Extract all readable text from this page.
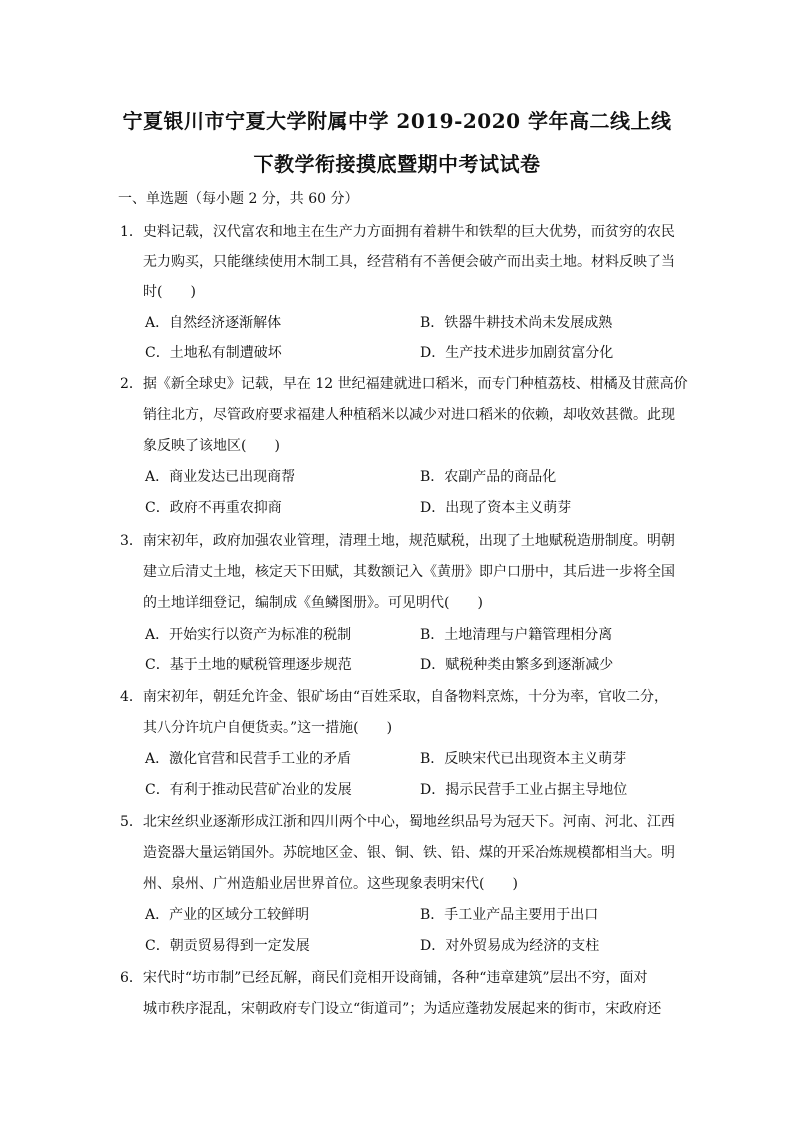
宁夏银川市宁夏大学附属中学 2019-2020 学年高二线上线
下教学衔接摸底暨期中考试试卷
一、单选题（每小题 2 分，共 60 分）
1．史料记载，汉代富农和地主在生产力方面拥有着耕牛和铁犁的巨大优势，而贫穷的农民
无力购买，只能继续使用木制工具，经营稍有不善便会破产而出卖土地。材料反映了当
时(　　)
A．自然经济逐渐解体	B．铁器牛耕技术尚未发展成熟
C．土地私有制遭破坏	D．生产技术进步加剧贫富分化
2．据《新全球史》记载，早在 12 世纪福建就进口稻米，而专门种植荔枝、柑橘及甘蔗高价
销往北方，尽管政府要求福建人种植稻米以减少对进口稻米的依赖，却收效甚微。此现
象反映了该地区(　　)
A．商业发达已出现商帮	B．农副产品的商品化
C．政府不再重农抑商	D．出现了资本主义萌芽
3．南宋初年，政府加强农业管理，清理土地，规范赋税，出现了土地赋税造册制度。明朝
建立后清丈土地，核定天下田赋，其数额记入《黄册》即户口册中，其后进一步将全国
的土地详细登记，编制成《鱼鳞图册》。可见明代(　　)
A．开始实行以资产为标准的税制	B．土地清理与户籍管理相分离
C．基于土地的赋税管理逐步规范	D．赋税种类由繁多到逐渐减少
4．南宋初年，朝廷允许金、银矿场由“百姓采取，自备物料烹炼，十分为率，官收二分，
其八分许坑户自便货卖。”这一措施(　　)
A．激化官营和民营手工业的矛盾	B．反映宋代已出现资本主义萌芽
C．有利于推动民营矿冶业的发展	D．揭示民营手工业占据主导地位
5．北宋丝织业逐渐形成江浙和四川两个中心，蜀地丝织品号为冠天下。河南、河北、江西
造瓷器大量运销国外。苏皖地区金、银、铜、铁、铅、煤的开采冶炼规模都相当大。明
州、泉州、广州造船业居世界首位。这些现象表明宋代(　　)
A．产业的区域分工较鲜明	B．手工业产品主要用于出口
C．朝贡贸易得到一定发展	D．对外贸易成为经济的支柱
6．宋代时“坊市制”已经瓦解，商民们竞相开设商铺，各种“违章建筑”层出不穷，面对
城市秩序混乱，宋朝政府专门设立“街道司”；为适应蓬勃发展起来的街市，宋政府还
